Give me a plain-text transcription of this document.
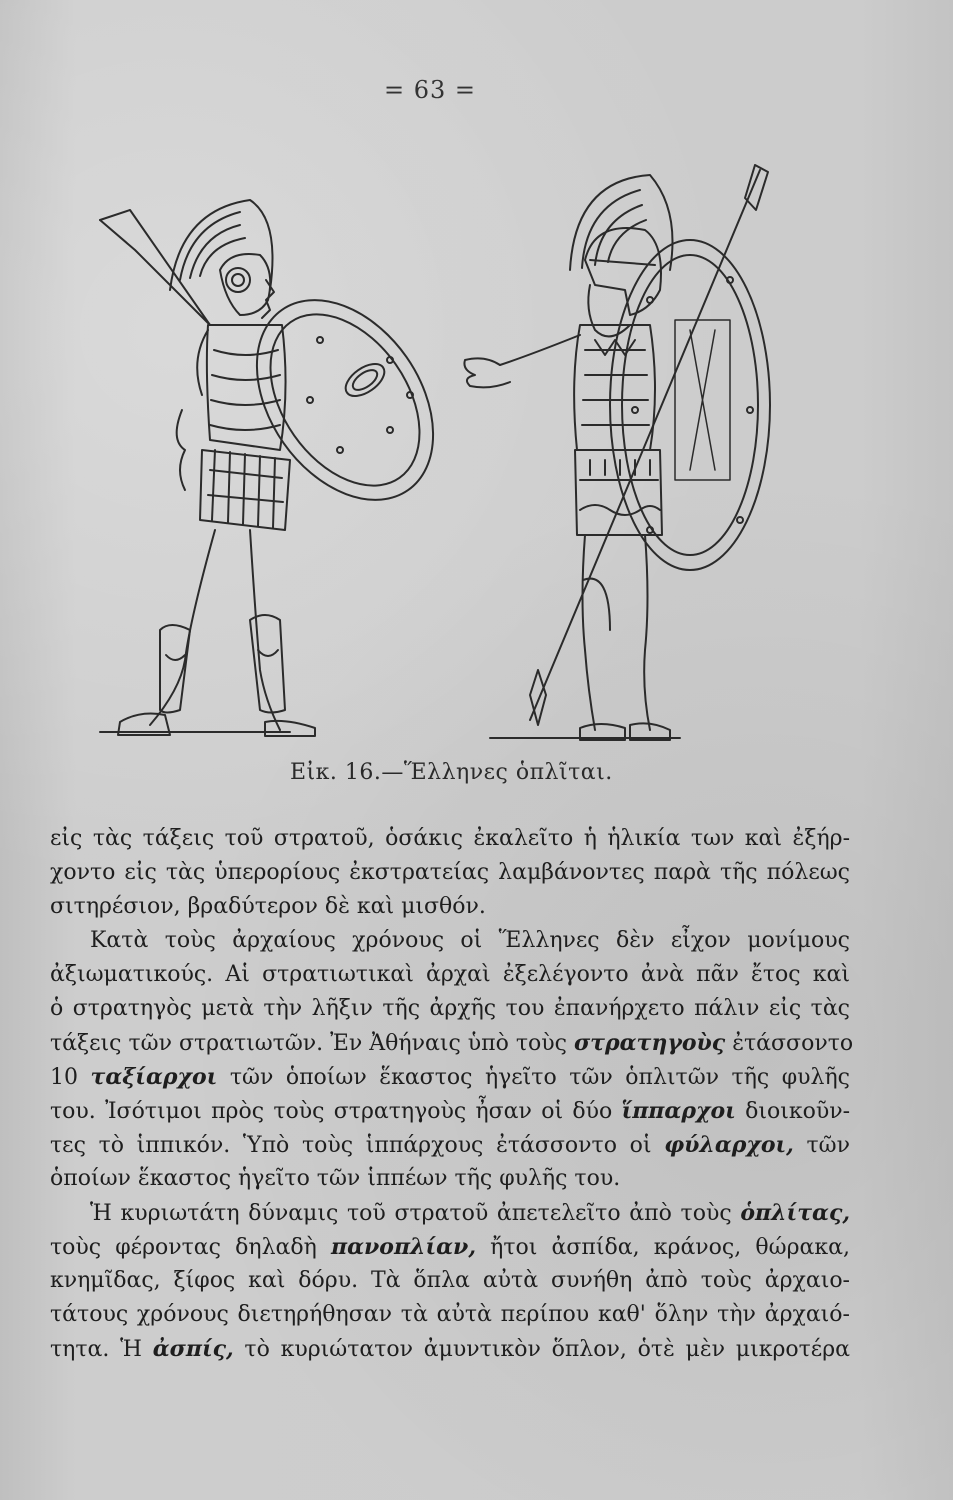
= 63 =
Εἰκ. 16.—Ἕλληνες ὁπλῖται.
εἰς τὰς τάξεις τοῦ στρατοῦ, ὁσάκις ἐκαλεῖτο ἡ ἡλικία των καὶ ἐξήρ-
χοντο εἰς τὰς ὑπερορίους ἐκστρατείας λαμβάνοντες παρὰ τῆς πόλεως
σιτηρέσιον, βραδύτερον δὲ καὶ μισθόν.
Κατὰ τοὺς ἀρχαίους χρόνους οἱ Ἕλληνες δὲν εἶχον μονίμους
ἀξιωματικούς. Αἱ στρατιωτικαὶ ἀρχαὶ ἐξελέγοντο ἀνὰ πᾶν ἔτος καὶ
ὁ στρατηγὸς μετὰ τὴν λῆξιν τῆς ἀρχῆς του ἐπανήρχετο πάλιν εἰς τὰς
τάξεις τῶν στρατιωτῶν. Ἐν Ἀθήναις ὑπὸ τοὺς στρατηγοὺς ἐτάσσοντο
10 ταξίαρχοι τῶν ὁποίων ἕκαστος ἡγεῖτο τῶν ὁπλιτῶν τῆς φυλῆς
του. Ἰσότιμοι πρὸς τοὺς στρατηγοὺς ἦσαν οἱ δύο ἵππαρχοι διοικοῦν-
τες τὸ ἱππικόν. Ὑπὸ τοὺς ἱππάρχους ἐτάσσοντο οἱ φύλαρχοι, τῶν
ὁποίων ἕκαστος ἡγεῖτο τῶν ἱππέων τῆς φυλῆς του.
Ἡ κυριωτάτη δύναμις τοῦ στρατοῦ ἀπετελεῖτο ἀπὸ τοὺς ὁπλίτας,
τοὺς φέροντας δηλαδὴ πανοπλίαν, ἤτοι ἀσπίδα, κράνος, θώρακα,
κνημῖδας, ξίφος καὶ δόρυ. Τὰ ὅπλα αὐτὰ συνήθη ἀπὸ τοὺς ἀρχαιο-
τάτους χρόνους διετηρήθησαν τὰ αὐτὰ περίπου καθ' ὅλην τὴν ἀρχαιό-
τητα. Ἡ ἀσπίς, τὸ κυριώτατον ἀμυντικὸν ὅπλον, ὁτὲ μὲν μικροτέρα
